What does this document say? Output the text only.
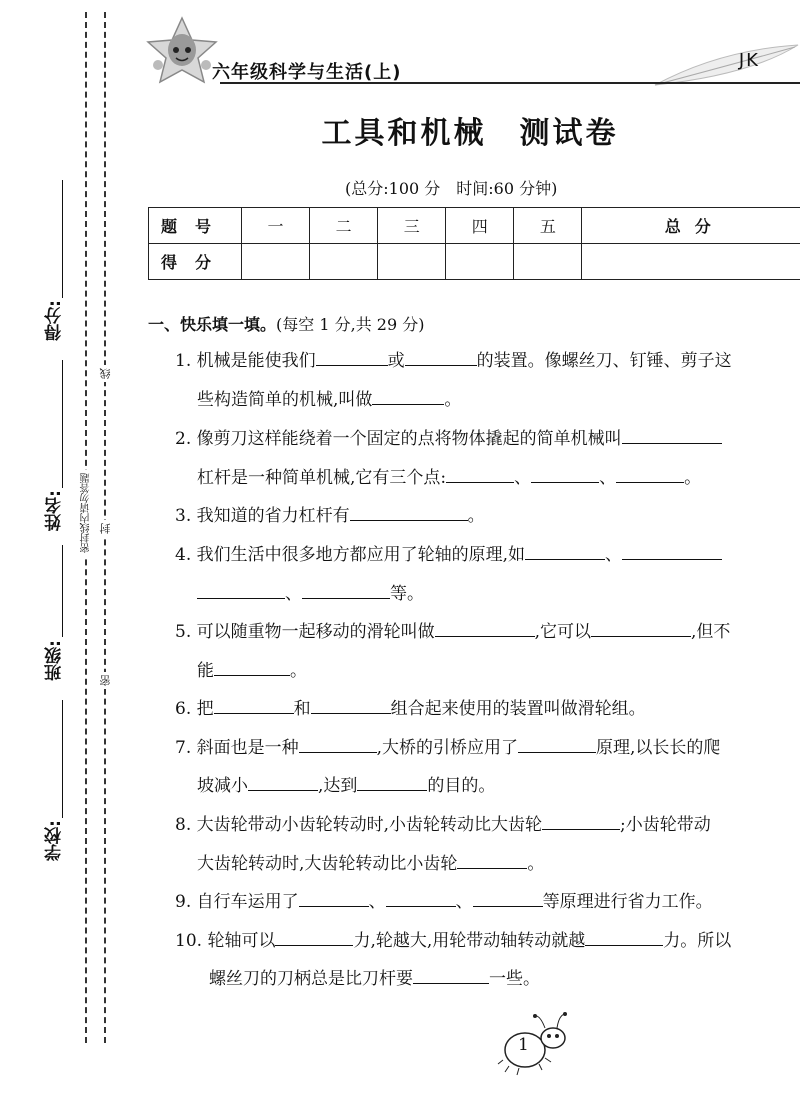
得分:
姓名:
班级:
学校:
密封线内请勿答题
线
封
密
六年级科学与生活(上)
JK
工具和机械　测试卷
(总分:100 分　时间:60 分钟)
题号	一	二	三	四	五	总分
得分						
一、快乐填一填。(每空 1 分,共 29 分)
1. 机械是能使我们	或	的装置。像螺丝刀、钉锤、剪子这
些构造简单的机械,叫做	。
2. 像剪刀这样能绕着一个固定的点将物体撬起的简单机械叫
杠杆是一种简单机械,它有三个点:	、	、	。
3. 我知道的省力杠杆有	。
4. 我们生活中很多地方都应用了轮轴的原理,如	、
、	等。
5. 可以随重物一起移动的滑轮叫做	,它可以	,但不
能	。
6. 把	和	组合起来使用的装置叫做滑轮组。
7. 斜面也是一种	,大桥的引桥应用了	原理,以长长的爬
坡减小	,达到	的目的。
8. 大齿轮带动小齿轮转动时,小齿轮转动比大齿轮	;小齿轮带动
大齿轮转动时,大齿轮转动比小齿轮	。
9. 自行车运用了	、	、	等原理进行省力工作。
10. 轮轴可以	力,轮越大,用轮带动轴转动就越	力。所以
螺丝刀的刀柄总是比刀杆要	一些。
1
